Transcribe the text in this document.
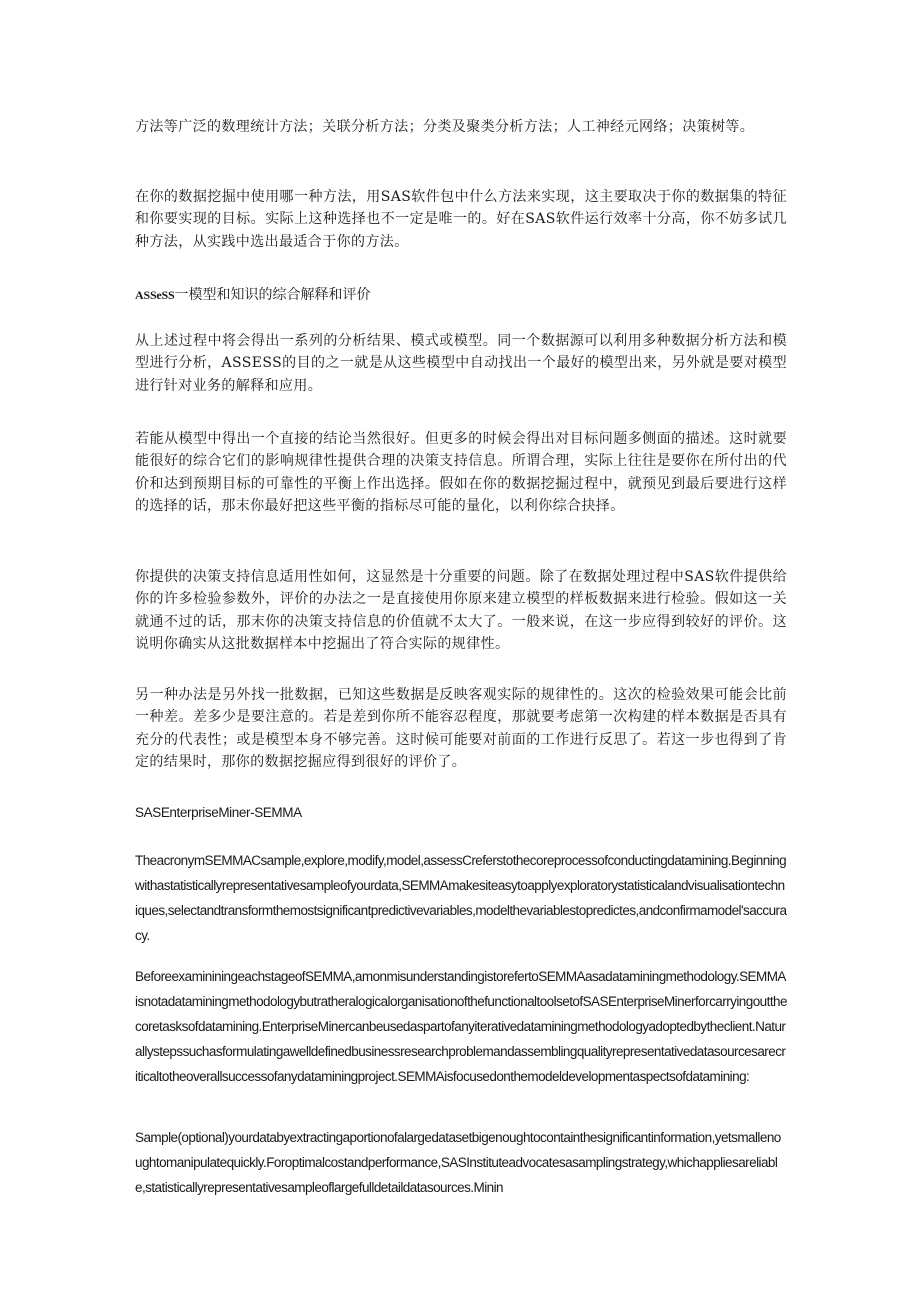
方法等广泛的数理统计方法；关联分析方法；分类及聚类分析方法；人工神经元网络；决策树等。

在你的数据挖掘中使用哪一种方法，用SAS软件包中什么方法来实现，这主要取决于你的数据集的特征和你要实现的目标。实际上这种选择也不一定是唯一的。好在SAS软件运行效率十分高，你不妨多试几种方法，从实践中选出最适合于你的方法。

ASSeSS一模型和知识的综合解释和评价

从上述过程中将会得出一系列的分析结果、模式或模型。同一个数据源可以利用多种数据分析方法和模型进行分析，ASSESS的目的之一就是从这些模型中自动找出一个最好的模型出来，另外就是要对模型进行针对业务的解释和应用。

若能从模型中得出一个直接的结论当然很好。但更多的时候会得出对目标问题多侧面的描述。这时就要能很好的综合它们的影响规律性提供合理的决策支持信息。所谓合理，实际上往往是要你在所付出的代价和达到预期目标的可靠性的平衡上作出选择。假如在你的数据挖掘过程中，就预见到最后要进行这样的选择的话，那末你最好把这些平衡的指标尽可能的量化，以利你综合抉择。

你提供的决策支持信息适用性如何，这显然是十分重要的问题。除了在数据处理过程中SAS软件提供给你的许多检验参数外，评价的办法之一是直接使用你原来建立模型的样板数据来进行检验。假如这一关就通不过的话，那末你的决策支持信息的价值就不太大了。一般来说，在这一步应得到较好的评价。这说明你确实从这批数据样本中挖掘出了符合实际的规律性。

另一种办法是另外找一批数据，已知这些数据是反映客观实际的规律性的。这次的检验效果可能会比前一种差。差多少是要注意的。若是差到你所不能容忍程度，那就要考虑第一次构建的样本数据是否具有充分的代表性；或是模型本身不够完善。这时候可能要对前面的工作进行反思了。若这一步也得到了肯定的结果时，那你的数据挖掘应得到很好的评价了。

SASEnterpriseMiner-SEMMA

TheacronymSEMMACsample,explore,modify,model,assessCreferstothecoreprocessofconductingdatamining.Beginningwithastatisticallyrepresentativesampleofyourdata,SEMMAmakesiteasytoapplyexploratorystatisticalandvisualisationtechniques,selectandtransformthemostsignificantpredictivevariables,modelthevariablestopredictes,andconfirmamodel'saccuracy.

BeforeexamininingeachstageofSEMMA,amonmisunderstandingistorefertoSEMMAasadataminingmethodology.SEMMAisnotadataminingmethodologybutratheralogicalorganisationofthefunctionaltoolsetofSASEnterpriseMinerforcarryingoutthecoretasksofdatamining.EnterpriseMinercanbeusedaspartofanyiterativedataminingmethodologyadoptedbytheclient.Naturallystepssuchasformulatingawelldefinedbusinessresearchproblemandassemblingqualityrepresentativedatasourcesarecriticaltotheoverallsuccessofanydataminingproject.SEMMAisfocusedonthemodeldevelopmentaspectsofdatamining:

Sample(optional)yourdatabyextractingaportionofalargedatasetbigenoughtocontainthesignificantinformation,yetsmallenoughtomanipulatequickly.Foroptimalcostandperformance,SASInstituteadvocatesasamplingstrategy,whichappliesareliable,statisticallyrepresentativesampleoflargefulldetaildatasources.Minin
